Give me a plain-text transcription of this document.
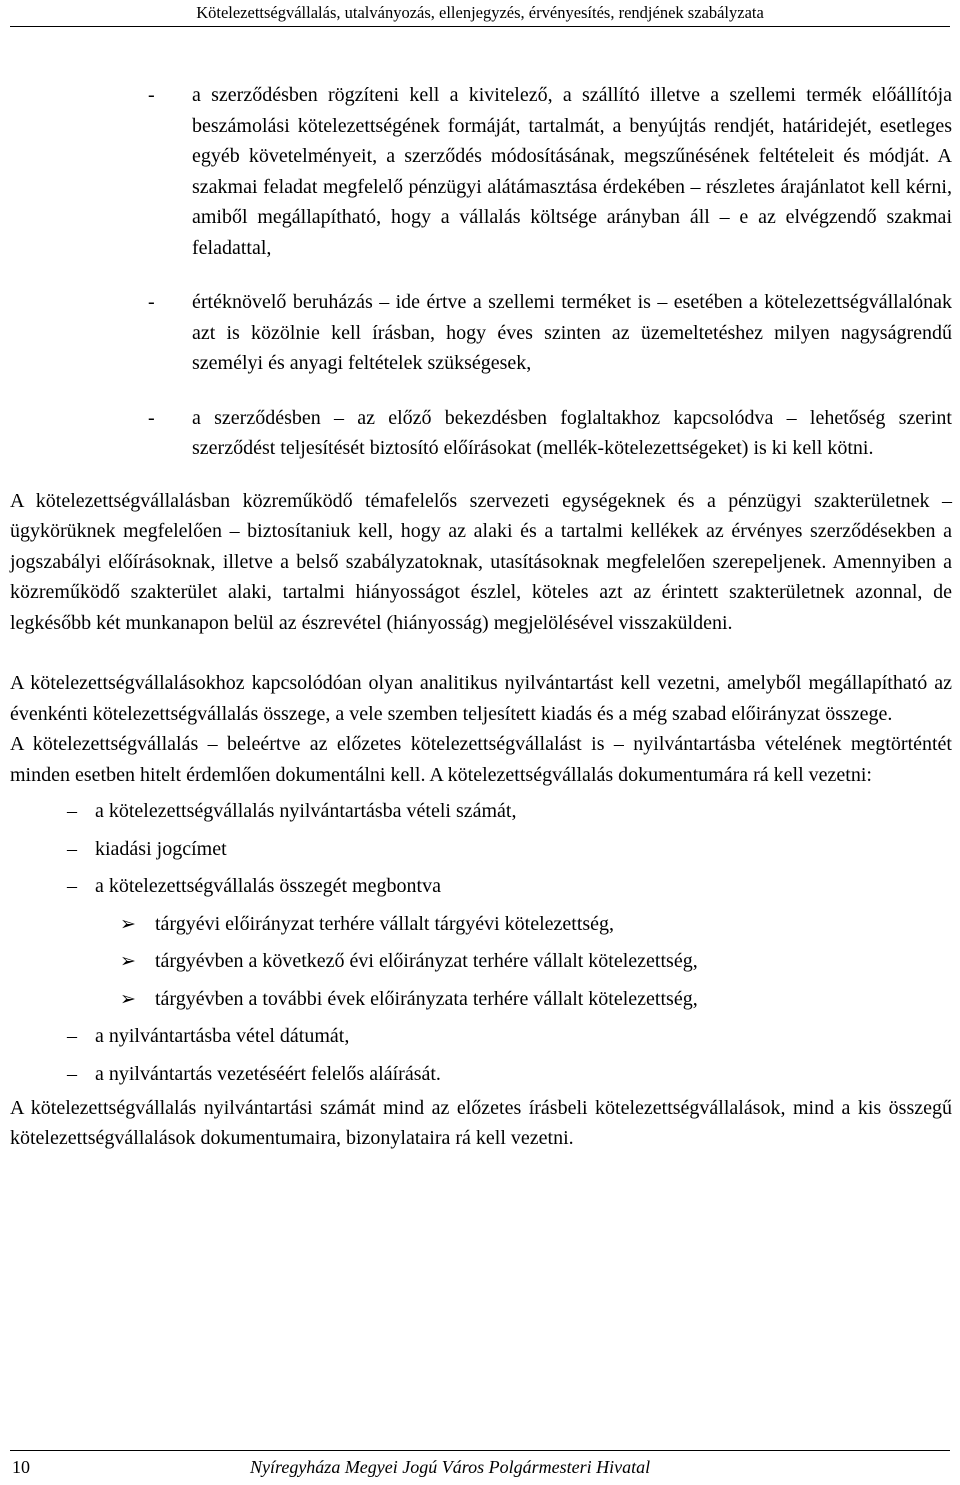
Kötelezettségvállalás, utalványozás, ellenjegyzés, érvényesítés, rendjének szabályzata
- a szerződésben rögzíteni kell a kivitelező, a szállító illetve a szellemi termék előállítója beszámolási kötelezettségének formáját, tartalmát, a benyújtás rendjét, határidejét, esetleges egyéb követelményeit, a szerződés módosításának, megszűnésének feltételeit és módját. A szakmai feladat megfelelő pénzügyi alátámasztása érdekében – részletes árajánlatot kell kérni, amiből megállapítható, hogy a vállalás költsége arányban áll – e az elvégzendő szakmai feladattal,
- értéknövelő beruházás – ide értve a szellemi terméket is – esetében a kötelezettségvállalónak azt is közölnie kell írásban, hogy éves szinten az üzemeltetéshez milyen nagyságrendű személyi és anyagi feltételek szükségesek,
- a szerződésben – az előző bekezdésben foglaltakhoz kapcsolódva – lehetőség szerint szerződést teljesítését biztosító előírásokat (mellék-kötelezettségeket) is ki kell kötni.

A kötelezettségvállalásban közreműködő témafelelős szervezeti egységeknek és a pénzügyi szakterületnek – ügykörüknek megfelelően – biztosítaniuk kell, hogy az alaki és a tartalmi kellékek az érvényes szerződésekben a jogszabályi előírásoknak, illetve a belső szabályzatoknak, utasításoknak megfelelően szerepeljenek. Amennyiben a közreműködő szakterület alaki, tartalmi hiányosságot észlel, köteles azt az érintett szakterületnek azonnal, de legkésőbb két munkanapon belül az észrevétel (hiányosság) megjelölésével visszaküldeni.

A kötelezettségvállalásokhoz kapcsolódóan olyan analitikus nyilvántartást kell vezetni, amelyből megállapítható az évenkénti kötelezettségvállalás összege, a vele szemben teljesített kiadás és a még szabad előirányzat összege.

A kötelezettségvállalás – beleértve az előzetes kötelezettségvállalást is – nyilvántartásba vételének megtörténtét minden esetben hitelt érdemlően dokumentálni kell. A kötelezettségvállalás dokumentumára rá kell vezetni:

– a kötelezettségvállalás nyilvántartásba vételi számát,
– kiadási jogcímet
– a kötelezettségvállalás összegét megbontva
➢ tárgyévi előirányzat terhére vállalt tárgyévi kötelezettség,
➢ tárgyévben a következő évi előirányzat terhére vállalt kötelezettség,
➢ tárgyévben a további évek előirányzata terhére vállalt kötelezettség,
– a nyilvántartásba vétel dátumát,
– a nyilvántartás vezetéséért felelős aláírását.

A kötelezettségvállalás nyilvántartási számát mind az előzetes írásbeli kötelezettségvállalások, mind a kis összegű kötelezettségvállalások dokumentumaira, bizonylataira rá kell vezetni.

10	Nyíregyháza Megyei Jogú Város Polgármesteri Hivatal
